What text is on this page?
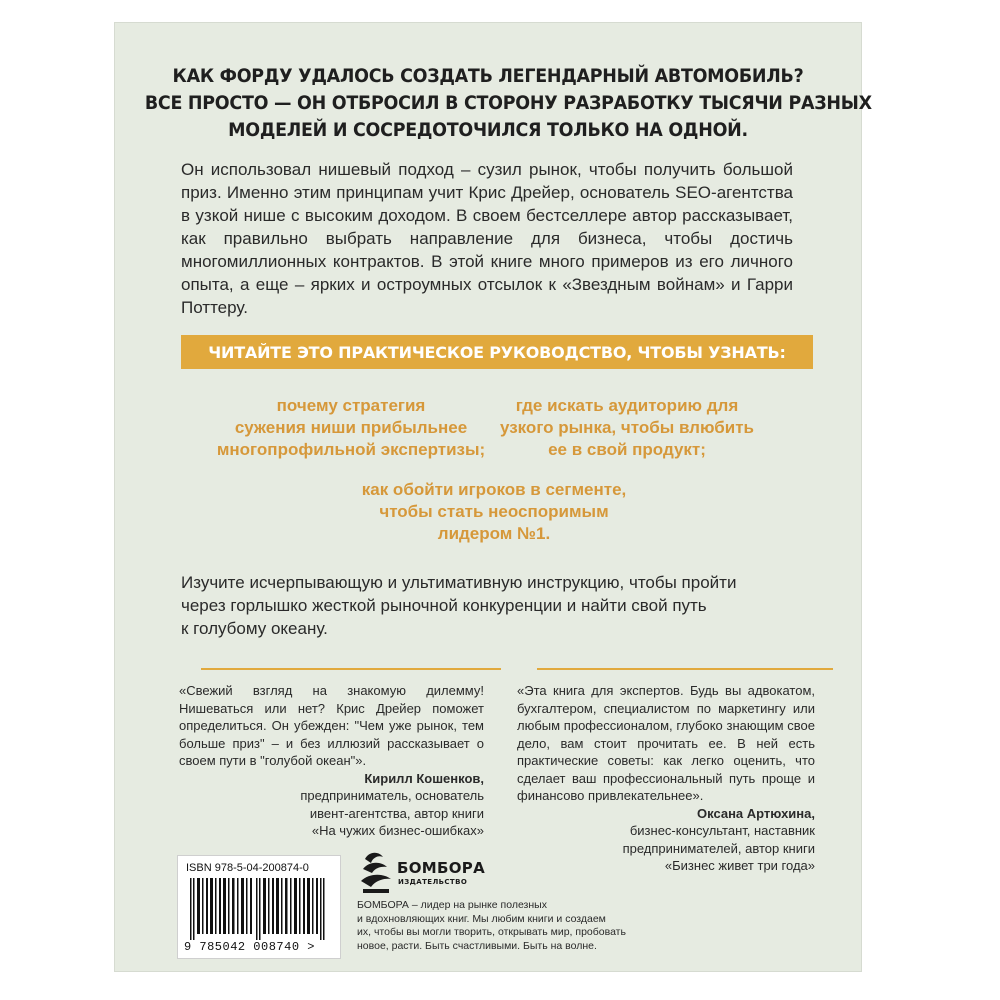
КАК ФОРДУ УДАЛОСЬ СОЗДАТЬ ЛЕГЕНДАРНЫЙ АВТОМОБИЛЬ?
ВСЕ ПРОСТО — ОН ОТБРОСИЛ В СТОРОНУ РАЗРАБОТКУ ТЫСЯЧИ РАЗНЫХ
МОДЕЛЕЙ И СОСРЕДОТОЧИЛСЯ ТОЛЬКО НА ОДНОЙ.
Он использовал нишевый подход – сузил рынок, чтобы получить большой приз. Именно этим принципам учит Крис Дрейер, основатель SEO-агентства в узкой нише с высоким доходом. В своем бестселлере автор рассказывает, как правильно выбрать направление для бизнеса, чтобы достичь многомиллионных контрактов. В этой книге много примеров из его личного опыта, а еще – ярких и остроумных отсылок к «Звездным войнам» и Гарри Поттеру.
ЧИТАЙТЕ ЭТО ПРАКТИЧЕСКОЕ РУКОВОДСТВО, ЧТОБЫ УЗНАТЬ:
почему стратегия
сужения ниши прибыльнее
многопрофильной экспертизы;
где искать аудиторию для
узкого рынка, чтобы влюбить
ее в свой продукт;
как обойти игроков в сегменте,
чтобы стать неоспоримым
лидером №1.
Изучите исчерпывающую и ультимативную инструкцию, чтобы пройти
через горлышко жесткой рыночной конкуренции и найти свой путь
к голубому океану.
«Свежий взгляд на знакомую дилемму! Нишеваться или нет? Крис Дрейер поможет определиться. Он убежден: "Чем уже рынок, тем больше приз" – и без иллюзий рассказывает о своем пути в "голубой океан"».
Кирилл Кошенков,
предприниматель, основатель
ивент-агентства, автор книги
«На чужих бизнес-ошибках»
«Эта книга для экспертов. Будь вы адвокатом, бухгалтером, специалистом по маркетингу или любым профессионалом, глубоко знающим свое дело, вам стоит прочитать ее. В ней есть практические советы: как легко оценить, что сделает ваш профессиональный путь проще и финансово привлекательнее».
Оксана Артюхина,
бизнес-консультант, наставник
предпринимателей, автор книги
«Бизнес живет три года»
ISBN 978-5-04-200874-0
9 785042 008740 >
БОМБОРА
ИЗДАТЕЛЬСТВО
БОМБОРА – лидер на рынке полезных
и вдохновляющих книг. Мы любим книги и создаем
их, чтобы вы могли творить, открывать мир, пробовать
новое, расти. Быть счастливыми. Быть на волне.
